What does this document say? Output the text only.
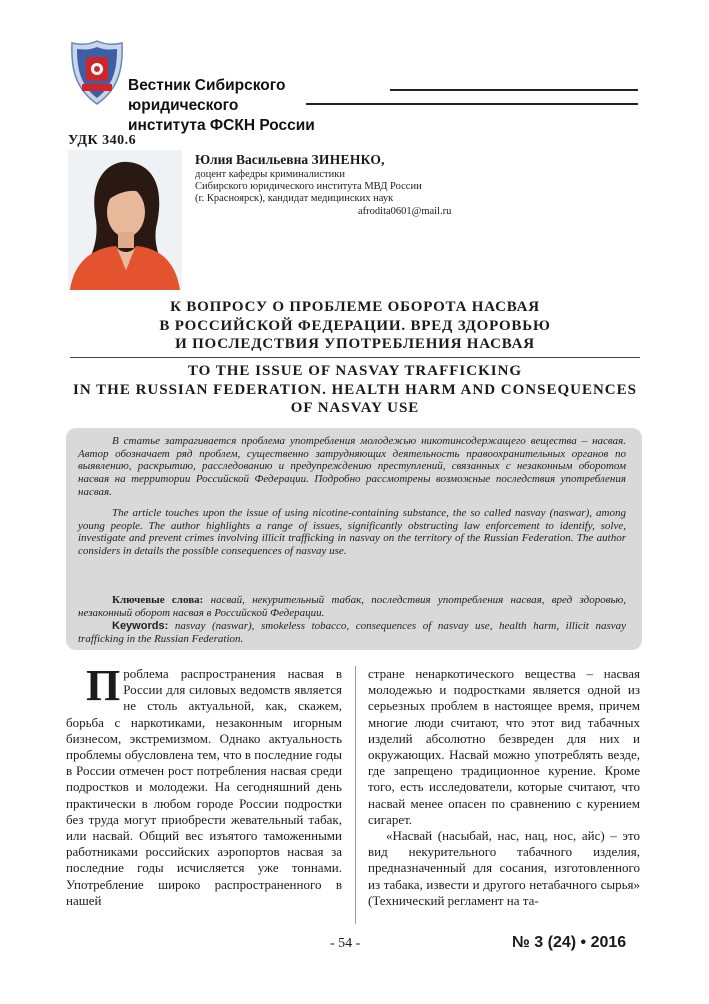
Вестник Сибирского юридического
института ФСКН России
УДК 340.6
Юлия Васильевна ЗИНЕНКО,
доцент кафедры криминалистики
Сибирского юридического института МВД России
(г. Красноярск), кандидат медицинских наук
afrodita0601@mail.ru
К ВОПРОСУ О ПРОБЛЕМЕ ОБОРОТА НАСВАЯ
В РОССИЙСКОЙ ФЕДЕРАЦИИ. ВРЕД ЗДОРОВЬЮ
И ПОСЛЕДСТВИЯ УПОТРЕБЛЕНИЯ НАСВАЯ
TO THE ISSUE OF NASVAY TRAFFICKING
IN THE RUSSIAN FEDERATION. HEALTH HARM AND CONSEQUENCES
OF NASVAY USE
В статье затрагивается проблема употребления молодежью никотинсодержащего вещества – насвая. Автор обозначает ряд проблем, существенно затрудняющих деятельность правоохранительных органов по выявлению, раскрытию, расследованию и предупреждению преступлений, связанных с незаконным оборотом насвая на территории Российской Федерации. Подробно рассмотрены возможные последствия употребления насвая.
The article touches upon the issue of using nicotine-containing substance, the so called nasvay (naswar), among young people. The author highlights a range of issues, significantly obstructing law enforcement to identify, solve, investigate and prevent crimes involving illicit trafficking in nasvay on the territory of the Russian Federation. The author considers in details the possible consequences of nasvay use.
Ключевые слова: насвай, некурительный табак, последствия употребления насвая, вред здоровью, незаконный оборот насвая в Российской Федерации.
Keywords: nasvay (naswar), smokeless tobacco, consequences of nasvay use, health harm, illicit nasvay trafficking in the Russian Federation.
Проблема распространения насвая в России для силовых ведомств является не столь актуальной, как, скажем, борьба с наркотиками, незаконным игорным бизнесом, экстремизмом. Однако актуальность проблемы обусловлена тем, что в последние годы в России отмечен рост потребления насвая среди подростков и молодежи. На сегодняшний день практически в любом городе России подростки без труда могут приобрести жевательный табак, или насвай. Общий вес изъятого таможенными работниками российских аэропортов насвая за последние годы исчисляется уже тоннами. Употребление широко распространенного в нашей
стране ненаркотического вещества – насвая молодежью и подростками является одной из серьезных проблем в настоящее время, причем многие люди считают, что этот вид табачных изделий абсолютно безвреден для них и окружающих. Насвай можно употреблять везде, где запрещено традиционное курение. Кроме того, есть исследователи, которые считают, что насвай менее опасен по сравнению с курением сигарет.
«Насвай (насыбай, нас, нац, нос, айс) – это вид некурительного табачного изделия, предназначенный для сосания, изготовленного из табака, извести и другого нетабачного сырья» (Технический регламент на та-
- 54 -	№ 3 (24) • 2016
